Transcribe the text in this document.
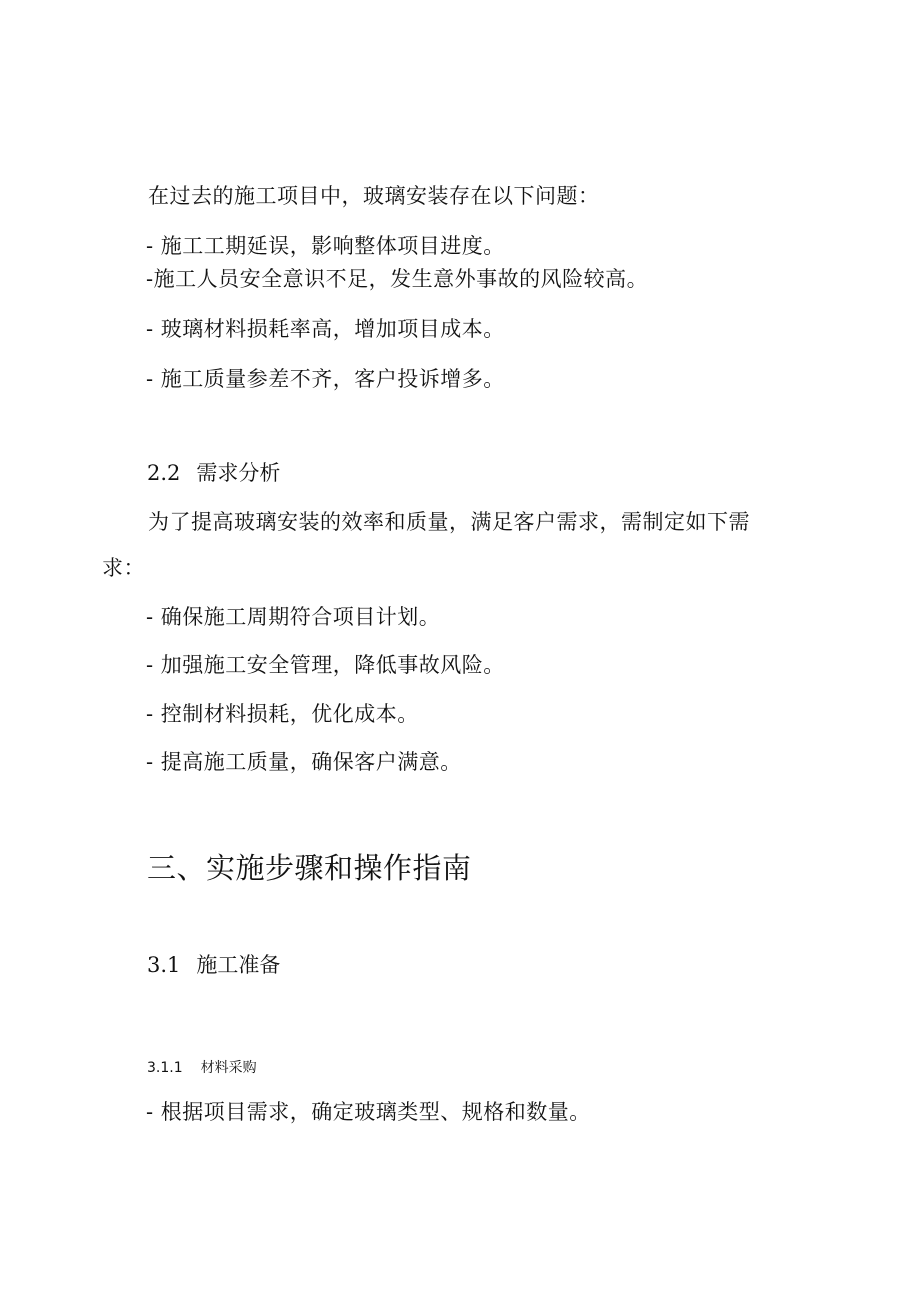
在过去的施工项目中，玻璃安装存在以下问题：
- 施工工期延误，影响整体项目进度。
-施工人员安全意识不足，发生意外事故的风险较高。
- 玻璃材料损耗率高，增加项目成本。
- 施工质量参差不齐，客户投诉增多。
2.2 需求分析
为了提高玻璃安装的效率和质量，满足客户需求，需制定如下需
求：
- 确保施工周期符合项目计划。
- 加强施工安全管理，降低事故风险。
- 控制材料损耗，优化成本。
- 提高施工质量，确保客户满意。
三、实施步骤和操作指南
3.1 施工准备
3.1.1 材料采购
- 根据项目需求，确定玻璃类型、规格和数量。
